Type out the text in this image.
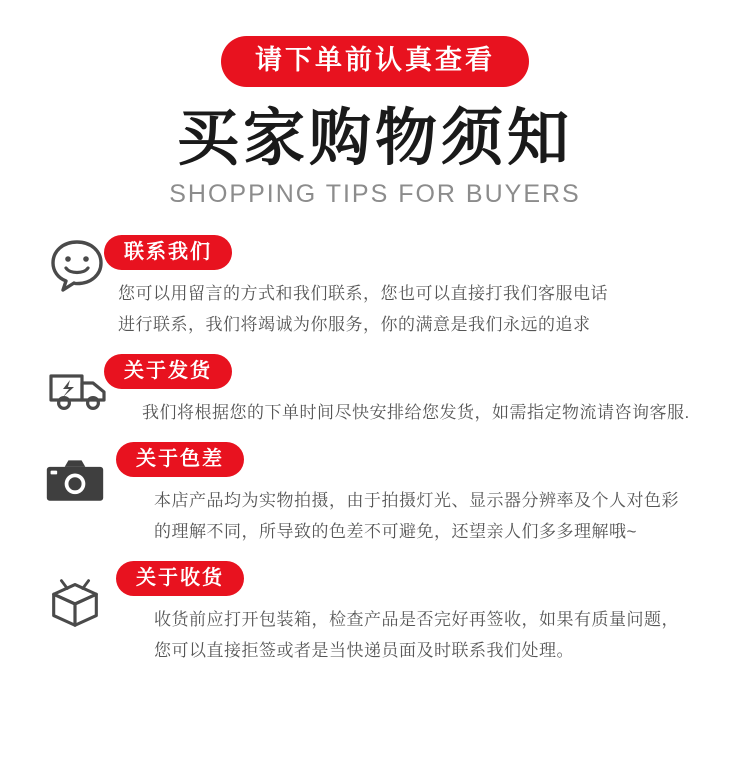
请下单前认真查看
买家购物须知
SHOPPING TIPS FOR BUYERS
联系我们
您可以用留言的方式和我们联系，您也可以直接打我们客服电话
进行联系，我们将竭诚为你服务，你的满意是我们永远的追求
关于发货
我们将根据您的下单时间尽快安排给您发货，如需指定物流请咨询客服.
关于色差
本店产品均为实物拍摄，由于拍摄灯光、显示器分辨率及个人对色彩
的理解不同，所导致的色差不可避免，还望亲人们多多理解哦~
关于收货
收货前应打开包装箱，检查产品是否完好再签收，如果有质量问题，
您可以直接拒签或者是当快递员面及时联系我们处理。
